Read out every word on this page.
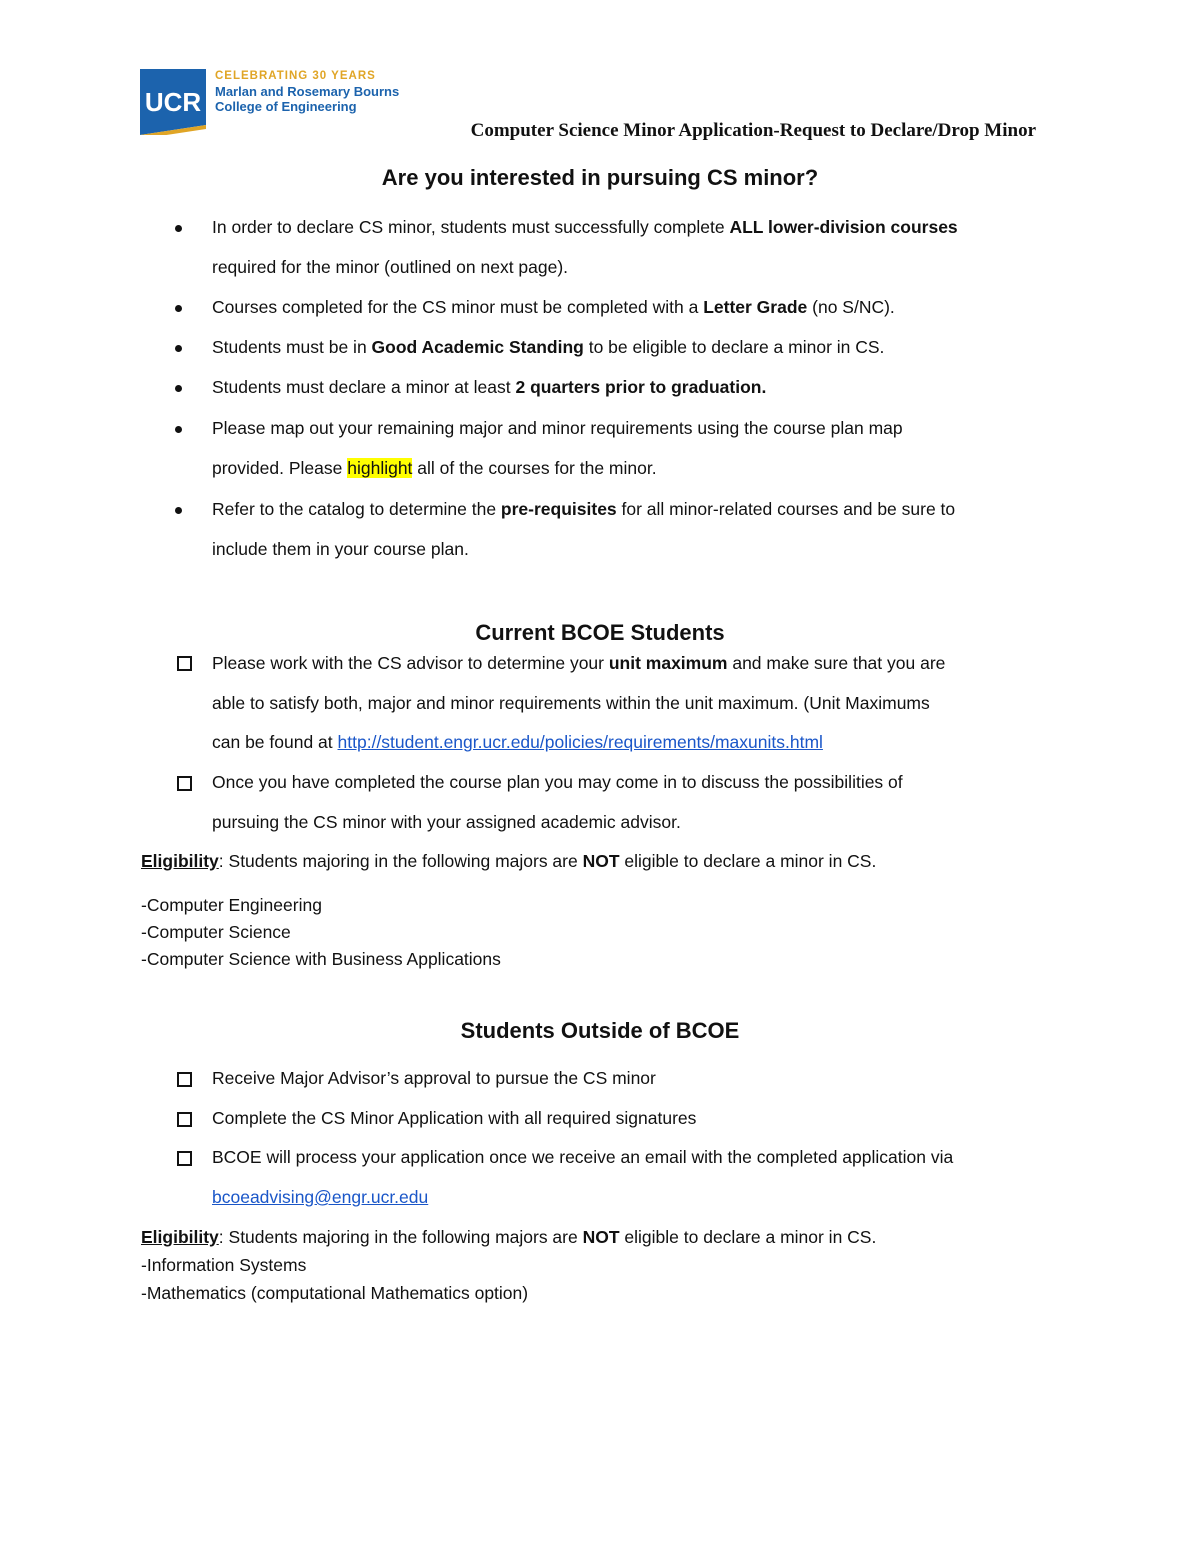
UCR
CELEBRATING 30 YEARS
Marlan and Rosemary Bourns
College of Engineering
Computer Science Minor Application-Request to Declare/Drop Minor
Are you interested in pursuing CS minor?
In order to declare CS minor, students must successfully complete ALL lower-division courses
required for the minor (outlined on next page).
Courses completed for the CS minor must be completed with a Letter Grade (no S/NC).
Students must be in Good Academic Standing to be eligible to declare a minor in CS.
Students must declare a minor at least 2 quarters prior to graduation.
Please map out your remaining major and minor requirements using the course plan map
provided. Please highlight all of the courses for the minor.
Refer to the catalog to determine the pre-requisites for all minor-related courses and be sure to
include them in your course plan.
Current BCOE Students
Please work with the CS advisor to determine your unit maximum and make sure that you are
able to satisfy both, major and minor requirements within the unit maximum. (Unit Maximums
can be found at http://student.engr.ucr.edu/policies/requirements/maxunits.html
Once you have completed the course plan you may come in to discuss the possibilities of
pursuing the CS minor with your assigned academic advisor.
Eligibility: Students majoring in the following majors are NOT eligible to declare a minor in CS.
-Computer Engineering
-Computer Science
-Computer Science with Business Applications
Students Outside of BCOE
Receive Major Advisor’s approval to pursue the CS minor
Complete the CS Minor Application with all required signatures
BCOE will process your application once we receive an email with the completed application via
bcoeadvising@engr.ucr.edu
Eligibility: Students majoring in the following majors are NOT eligible to declare a minor in CS.
-Information Systems
-Mathematics (computational Mathematics option)
